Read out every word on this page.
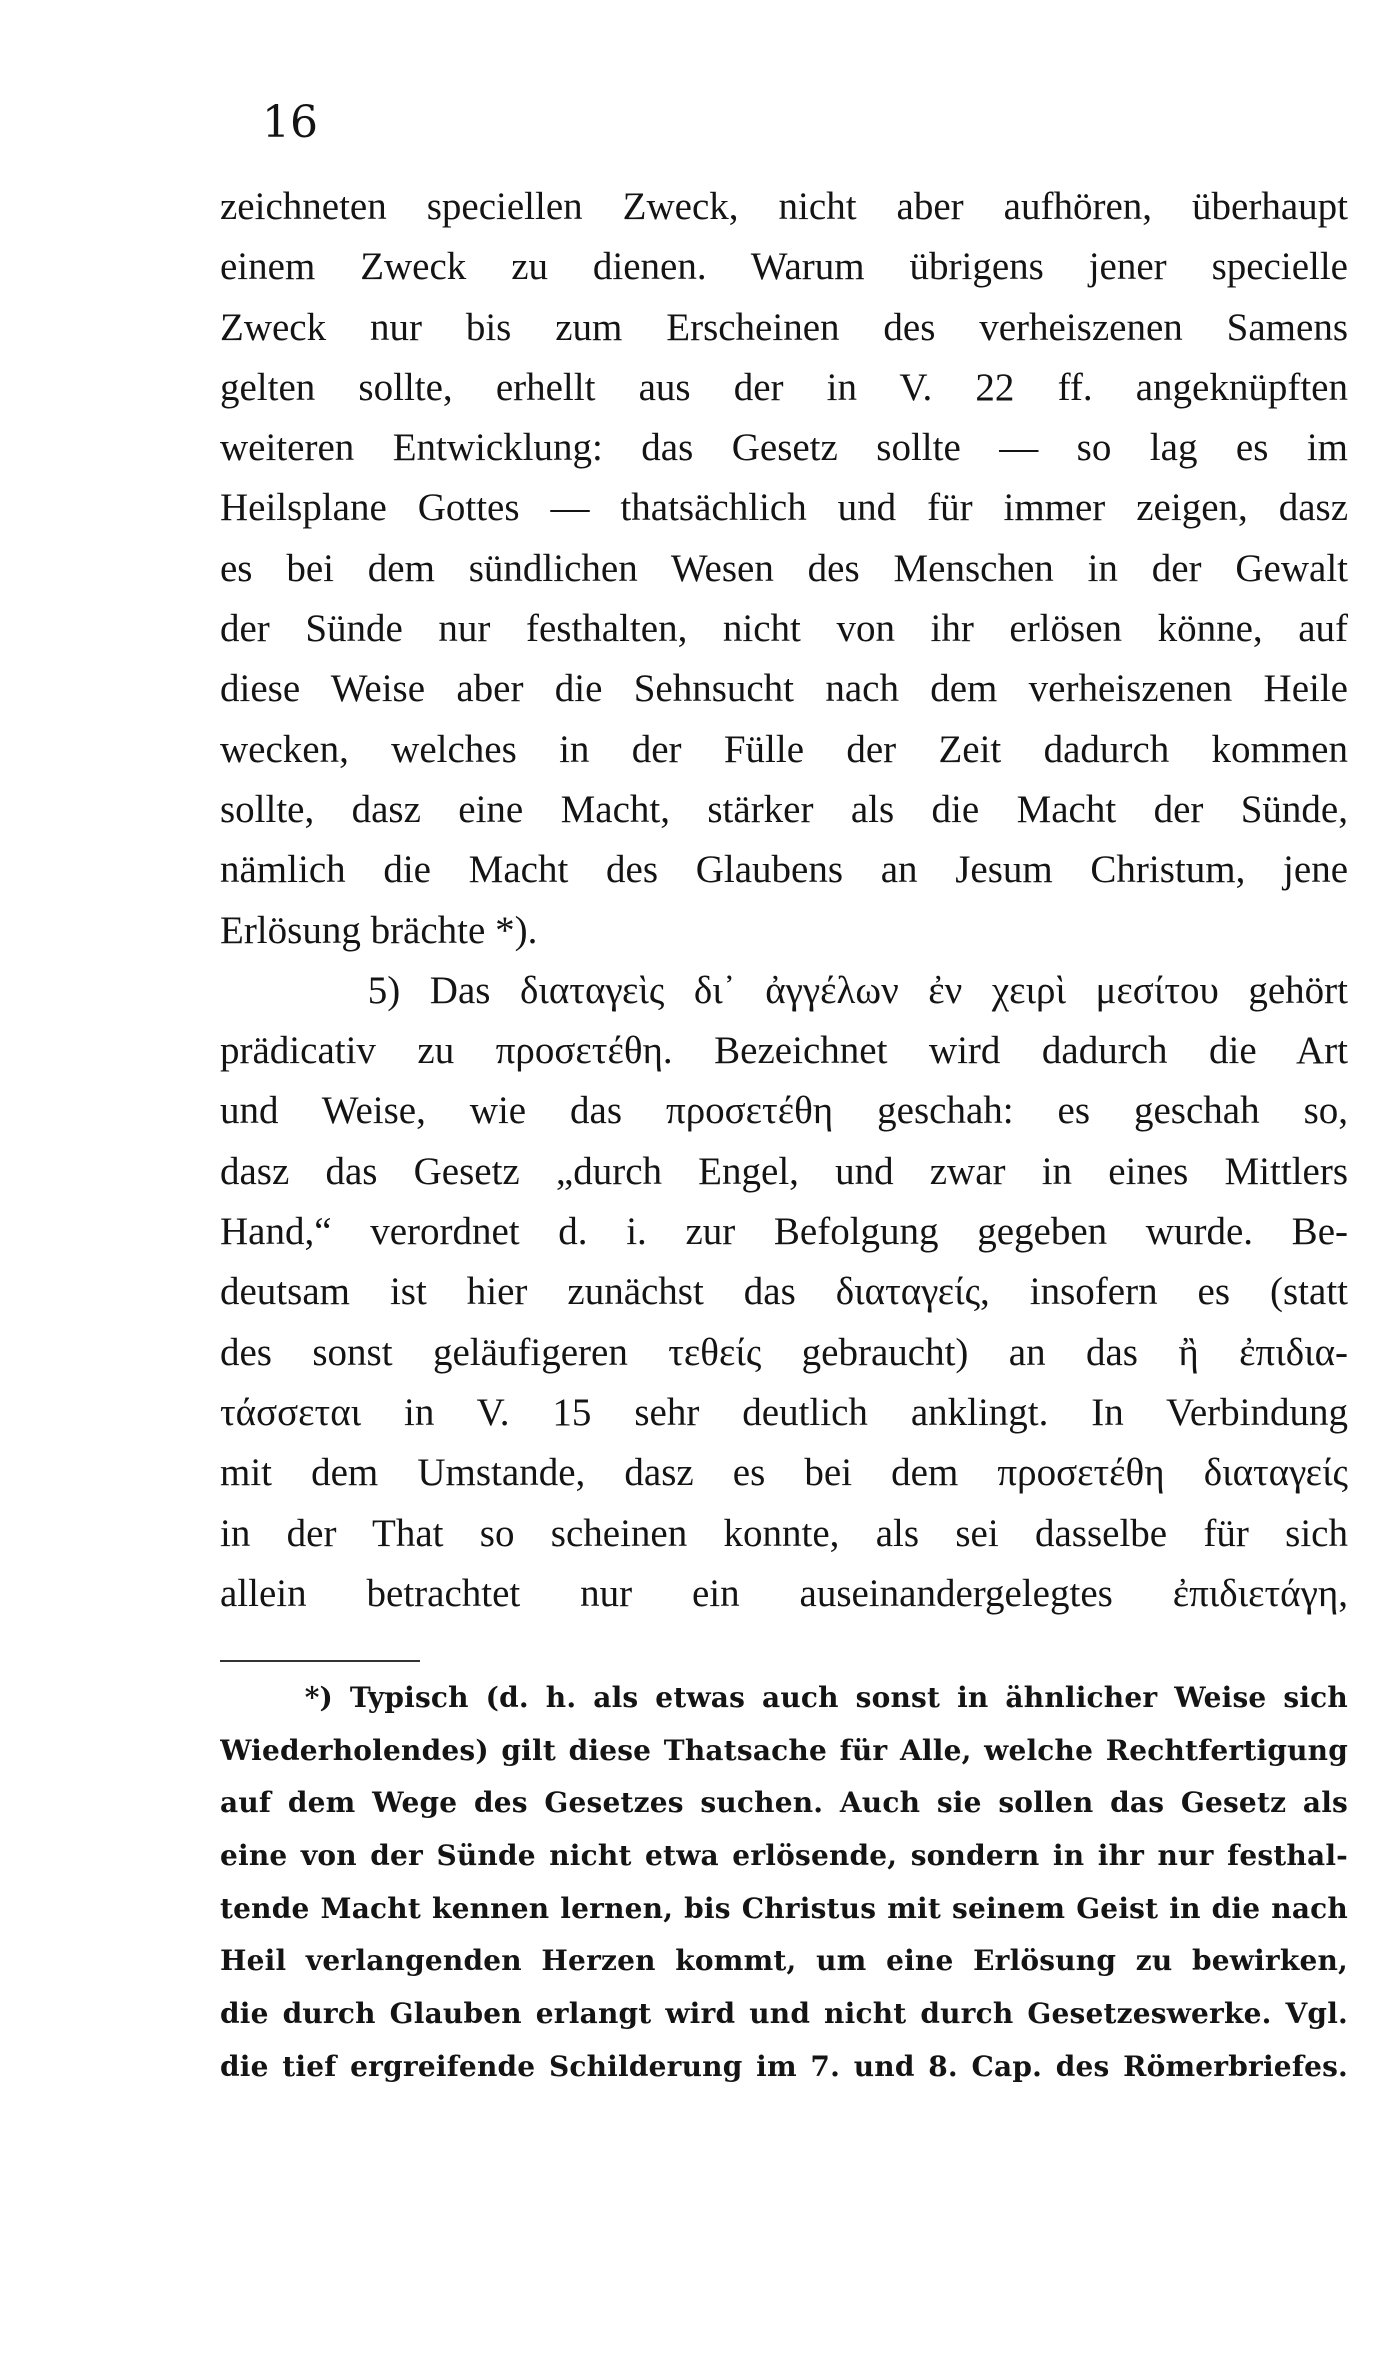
16
zeichneten speciellen Zweck, nicht aber aufhören, überhaupt
einem Zweck zu dienen. Warum übrigens jener specielle
Zweck nur bis zum Erscheinen des verheiszenen Samens
gelten sollte, erhellt aus der in V. 22 ff. angeknüpften
weiteren Entwicklung: das Gesetz sollte — so lag es im
Heilsplane Gottes — thatsächlich und für immer zeigen, dasz
es bei dem sündlichen Wesen des Menschen in der Gewalt
der Sünde nur festhalten, nicht von ihr erlösen könne, auf
diese Weise aber die Sehnsucht nach dem verheiszenen Heile
wecken, welches in der Fülle der Zeit dadurch kommen
sollte, dasz eine Macht, stärker als die Macht der Sünde,
nämlich die Macht des Glaubens an Jesum Christum, jene
Erlösung brächte *).
5) Das διαταγεὶς δι᾽ ἀγγέλων ἐν χειρὶ μεσίτου gehört
prädicativ zu προσετέθη. Bezeichnet wird dadurch die Art
und Weise, wie das προσετέθη geschah: es geschah so,
dasz das Gesetz „durch Engel, und zwar in eines Mittlers
Hand,“ verordnet d. i. zur Befolgung gegeben wurde. Be-
deutsam ist hier zunächst das διαταγείς, insofern es (statt
des sonst geläufigeren τεθείς gebraucht) an das ἢ ἐπιδια-
τάσσεται in V. 15 sehr deutlich anklingt. In Verbindung
mit dem Umstande, dasz es bei dem προσετέθη διαταγείς
in der That so scheinen konnte, als sei dasselbe für sich
allein betrachtet nur ein auseinandergelegtes ἐπιδιετάγη,
*) Typisch (d. h. als etwas auch sonst in ähnlicher Weise sich
Wiederholendes) gilt diese Thatsache für Alle, welche Rechtfertigung
auf dem Wege des Gesetzes suchen. Auch sie sollen das Gesetz als
eine von der Sünde nicht etwa erlösende, sondern in ihr nur festhal-
tende Macht kennen lernen, bis Christus mit seinem Geist in die nach
Heil verlangenden Herzen kommt, um eine Erlösung zu bewirken,
die durch Glauben erlangt wird und nicht durch Gesetzeswerke. Vgl.
die tief ergreifende Schilderung im 7. und 8. Cap. des Römerbriefes.
